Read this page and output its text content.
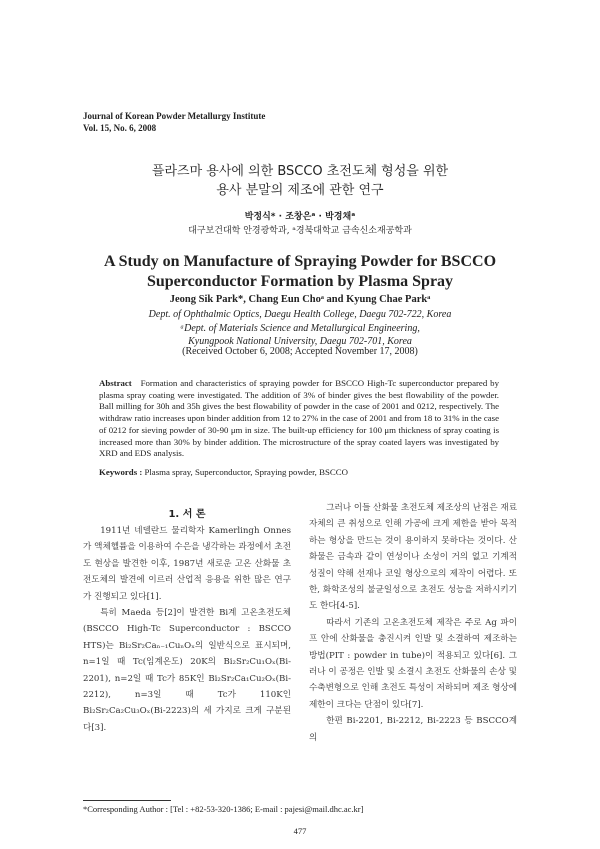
Journal of Korean Powder Metallurgy Institute
Vol. 15, No. 6, 2008
플라즈마 용사에 의한 BSCCO 초전도체 형성을 위한
용사 분말의 제조에 관한 연구
박정식* · 조창은ᵃ · 박경채ᵃ
대구보건대학 안경광학과, ᵃ경북대학교 금속신소재공학과
A Study on Manufacture of Spraying Powder for BSCCO
Superconductor Formation by Plasma Spray
Jeong Sik Park*, Chang Eun Choᵃ and Kyung Chae Parkᵃ
Dept. of Ophthalmic Optics, Daegu Health College, Daegu 702-722, Korea
ᵃDept. of Materials Science and Metallurgical Engineering,
Kyungpook National University, Daegu 702-701, Korea
(Received October 6, 2008; Accepted November 17, 2008)
Abstract Formation and characteristics of spraying powder for BSCCO High-Tc superconductor prepared by plasma spray coating were investigated. The addition of 3% of binder gives the best flowability of the powder. Ball milling for 30h and 35h gives the best flowability of powder in the case of 2001 and 0212, respectively. The withdraw ratio increases upon binder addition from 12 to 27% in the case of 2001 and from 18 to 31% in the case of 0212 for sieving powder of 30-90 μm in size. The built-up efficiency for 100 μm thickness of spray coating is increased more than 30% by binder addition. The microstructure of the spray coated layers was investigated by XRD and EDS analysis.
Keywords : Plasma spray, Superconductor, Spraying powder, BSCCO
1. 서 론

1911년 네델란드 물리학자 Kamerlingh Onnes가 액체헬륨을 이용하여 수은을 냉각하는 과정에서 초전도 현상을 발견한 이후, 1987년 새로운 고온 산화물 초전도체의 발견에 이르러 산업적 응용을 위한 많은 연구가 진행되고 있다[1].

특히 Maeda 등[2]이 발견한 Bi계 고온초전도체(BSCCO High-Tc Superconductor : BSCCO HTS)는 Bi₂Sr₂Caₙ₋₁CuₙOₓ의 일반식으로 표시되며, n=1일 때 Tc(임계온도) 20K의 Bi₂Sr₂Cu₁Oₓ(Bi-2201), n=2일 때 Tc가 85K인 Bi₂Sr₂Ca₁Cu₂Oₓ(Bi-2212), n=3일 때 Tc가 110K인 Bi₂Sr₂Ca₂Cu₃Oₓ(Bi-2223)의 세 가지로 크게 구분된다[3].

그러나 이들 산화물 초전도체 제조상의 난점은 재료 자체의 큰 취성으로 인해 가공에 크게 제한을 받아 목적하는 형상을 만드는 것이 용이하지 못하다는 것이다. 산화물은 금속과 같이 연성이나 소성이 거의 없고 기계적 성질이 약해 선재나 코일 형상으로의 제작이 어렵다. 또한, 화학조성의 불균일성으로 초전도 성능을 저하시키기도 한다[4-5].

따라서 기존의 고온초전도체 제작은 주로 Ag 파이프 안에 산화물을 충진시켜 인발 및 소결하여 제조하는 방법(PIT : powder in tube)이 적용되고 있다[6]. 그러나 이 공정은 인발 및 소결시 초전도 산화물의 손상 및 수축변형으로 인해 초전도 특성이 저하되며 제조 형상에 제한이 크다는 단점이 있다[7].

한편 Bi-2201, Bi-2212, Bi-2223 등 BSCCO계의

*Corresponding Author : [Tel : +82-53-320-1386; E-mail : pajesi@mail.dhc.ac.kr]
477
